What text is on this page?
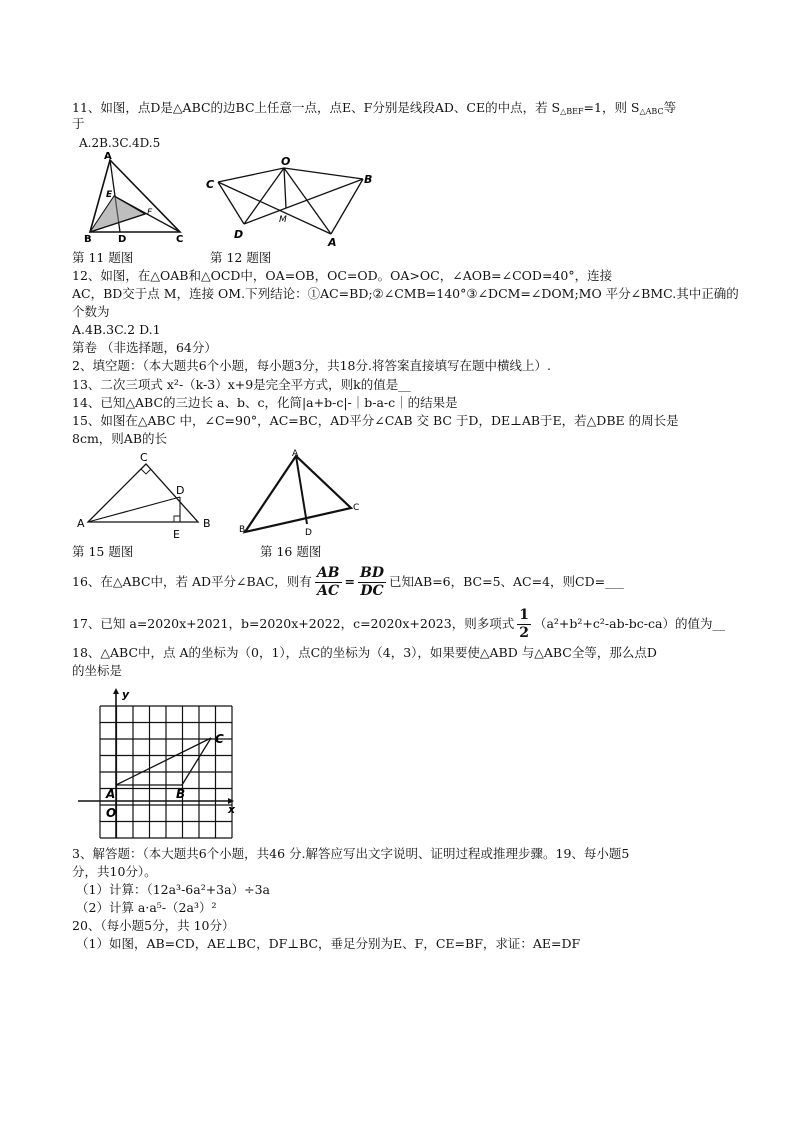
11、如图，点D是△ABC的边BC上任意一点，点E、F分别是线段AD、CE的中点，若 $S_{\triangle BEF}=1$，则 $S_{\triangle ABC}$等
于
A.2B.3C.4D.5
A
E
F
B	D	C
O
C	B
D
M
A
第 11 题图	第 12 题图
12、如图，在△OAB和△OCD中，OA=OB，OC=OD。OA>OC，∠AOB=∠COD=40°，连接
AC，BD交于点 M，连接 OM.下列结论：①AC=BD;②∠CMB=140°③∠DCM=∠DOM;MO 平分∠BMC.其中正确的
个数为
A.4B.3C.2 D.1
第卷 （非选择题，64分）
2、填空题：（本大题共6个小题，每小题3分，共18分.将答案直接填写在题中横线上）.
13、二次三项式 x²-（k-3）x+9是完全平方式，则k的值是__
14、已知△ABC的三边长 a、b、c，化简|a+b-c|-｜b-a-c｜的结果是
15、如图在△ABC 中，∠C=90°，AC=BC，AD平分∠CAB 交 BC 于D，DE⊥AB于E，若△DBE 的周长是
8cm，则AB的长
C
D
A
E
B
A
B	D
C
第 15 题图	第 16 题图
16、在△ABC中，若 AD平分∠BAC，则有 $\frac{AB}{AC} = \frac{BD}{DC}$ 已知AB=6，BC=5、AC=4，则CD=___
17、已知 a=2020x+2021，b=2020x+2022，c=2020x+2023，则多项式 $\frac{1}{2} (a^2+b^2+c^2-ab-bc-ca)$的值为__
18、△ABC中，点 A的坐标为（0，1），点C的坐标为（4，3），如果要使△ABD 与△ABC全等，那么点D
的坐标是
y
x
O
A	B
C
3、解答题：（本大题共6个小题，共46 分.解答应写出文字说明、证明过程或推理步骤。19、每小题5
分，共10分）。
（1）计算：（12a³-6a²+3a）÷3a
（2）计算 a·a⁵-（2a³）²
20、（每小题5分，共 10分）
（1）如图，AB=CD，AE⊥BC，DF⊥BC，垂足分别为E、F，CE=BF，求证：AE=DF
